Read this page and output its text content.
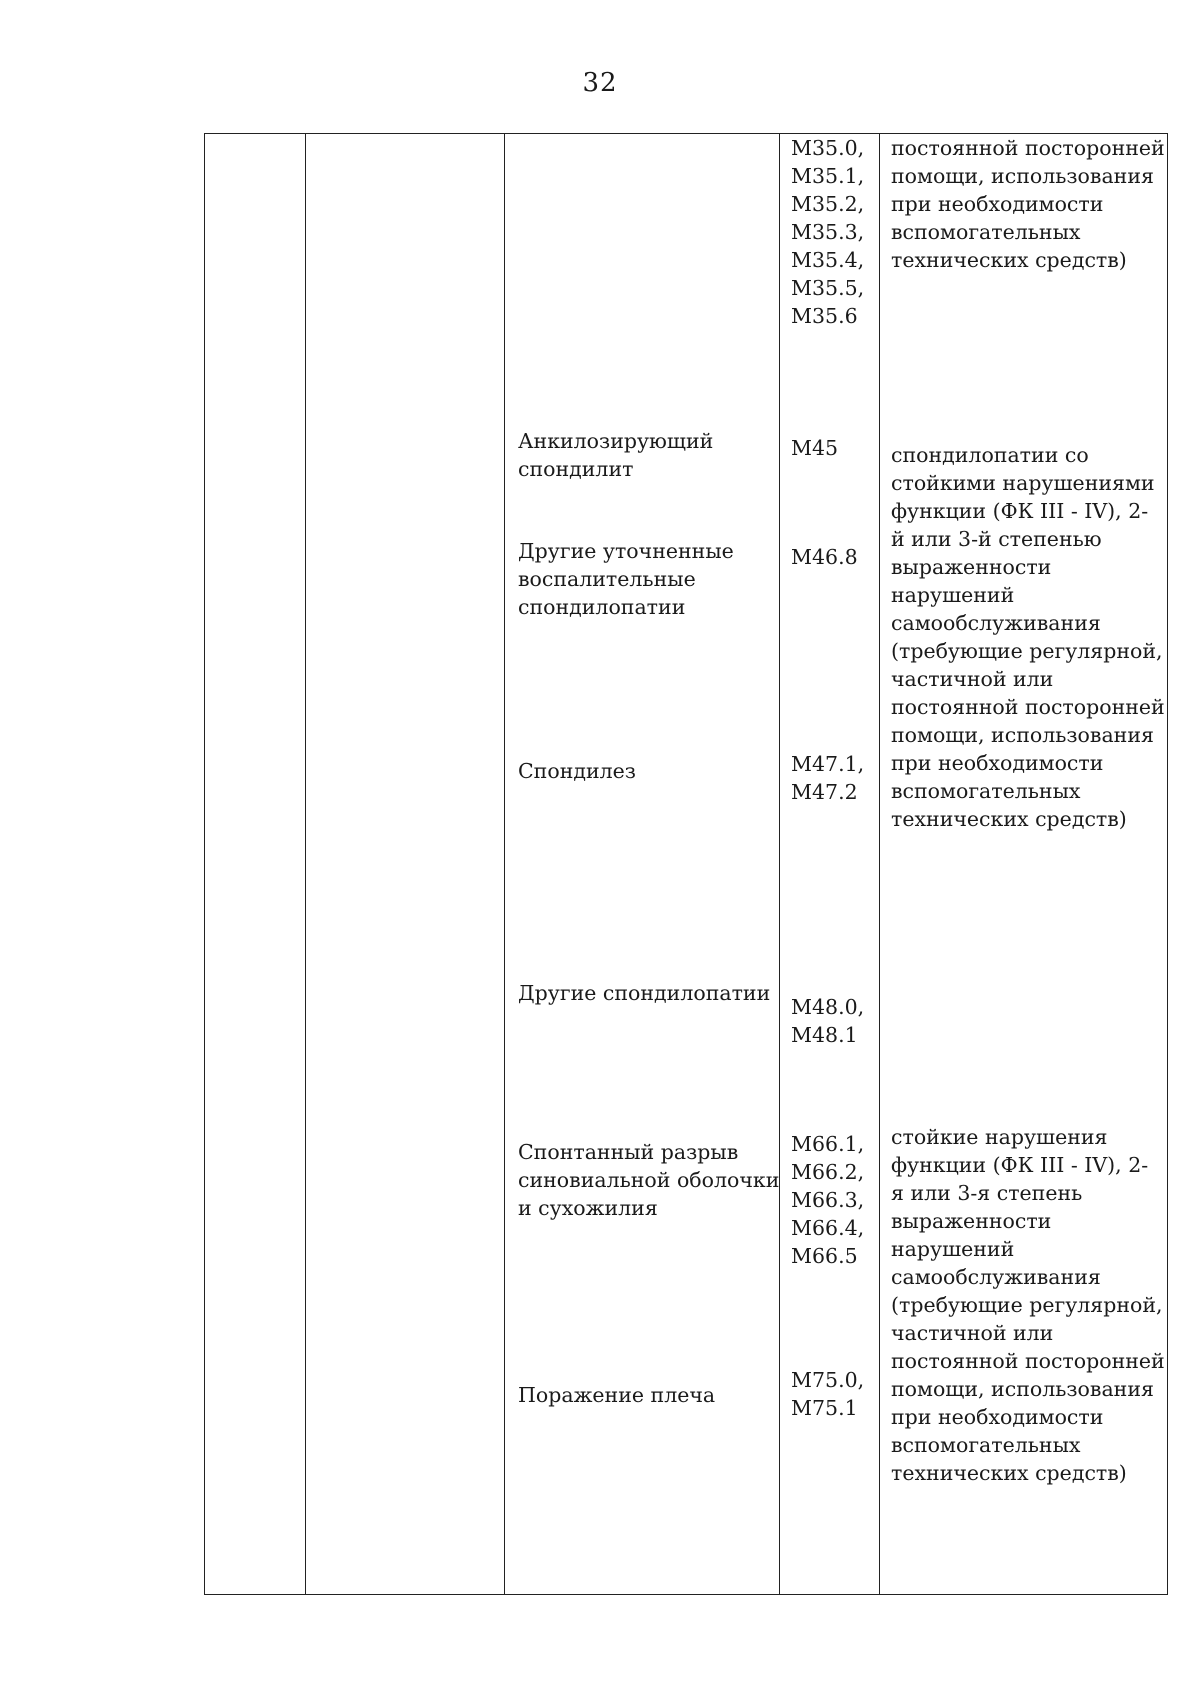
32
М35.0,
М35.1,
М35.2,
М35.3,
М35.4,
М35.5,
М35.6
постоянной посторонней
помощи, использования
при необходимости
вспомогательных
технических средств)
Анкилозирующий
спондилит
М45
Другие уточненные
воспалительные
спондилопатии
М46.8
Спондилез	М47.1,
М47.2
Другие спондилопатии
М48.0,
М48.1
спондилопатии со
стойкими нарушениями
функции (ФК III - IV), 2-
й или 3-й степенью
выраженности
нарушений
самообслуживания
(требующие регулярной,
частичной или
постоянной посторонней
помощи, использования
при необходимости
вспомогательных
технических средств)
Спонтанный разрыв
синовиальной оболочки
и сухожилия
М66.1,
М66.2,
М66.3,
М66.4,
М66.5
Поражение плеча
М75.0,
М75.1
стойкие нарушения
функции (ФК III - IV), 2-
я или 3-я степень
выраженности
нарушений
самообслуживания
(требующие регулярной,
частичной или
постоянной посторонней
помощи, использования
при необходимости
вспомогательных
технических средств)
